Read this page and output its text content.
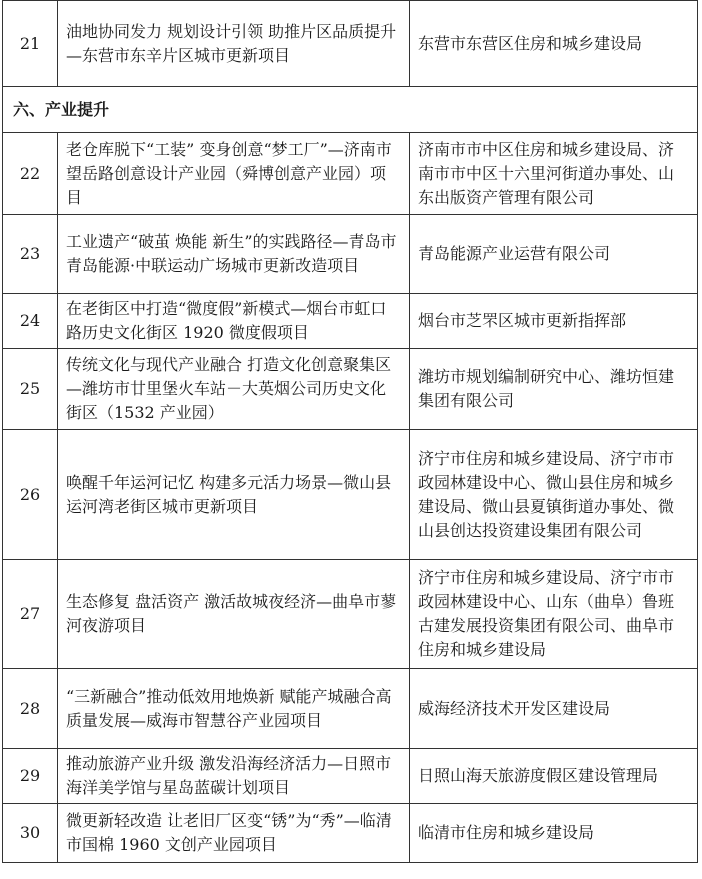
21	油地协同发力 规划设计引领 助推片区品质提升—东营市东辛片区城市更新项目	东营市东营区住房和城乡建设局
六、产业提升		
22	老仓库脱下“工装” 变身创意“梦工厂”—济南市望岳路创意设计产业园（舜博创意产业园）项目	济南市市中区住房和城乡建设局、济南市市中区十六里河街道办事处、山东出版资产管理有限公司
23	工业遗产“破茧 焕能 新生”的实践路径—青岛市青岛能源·中联运动广场城市更新改造项目	青岛能源产业运营有限公司
24	在老街区中打造“微度假”新模式—烟台市虹口路历史文化街区 1920 微度假项目	烟台市芝罘区城市更新指挥部
25	传统文化与现代产业融合 打造文化创意聚集区—潍坊市廿里堡火车站－大英烟公司历史文化街区（1532 产业园）	潍坊市规划编制研究中心、潍坊恒建集团有限公司
26	唤醒千年运河记忆 构建多元活力场景—微山县运河湾老街区城市更新项目	济宁市住房和城乡建设局、济宁市市政园林建设中心、微山县住房和城乡建设局、微山县夏镇街道办事处、微山县创达投资建设集团有限公司
27	生态修复 盘活资产 激活故城夜经济—曲阜市蓼河夜游项目	济宁市住房和城乡建设局、济宁市市政园林建设中心、山东（曲阜）鲁班古建发展投资集团有限公司、曲阜市住房和城乡建设局
28	“三新融合”推动低效用地焕新 赋能产城融合高质量发展—威海市智慧谷产业园项目	威海经济技术开发区建设局
29	推动旅游产业升级 激发沿海经济活力—日照市海洋美学馆与星岛蓝碳计划项目	日照山海天旅游度假区建设管理局
30	微更新轻改造 让老旧厂区变“锈”为“秀”—临清市国棉 1960 文创产业园项目	临清市住房和城乡建设局
